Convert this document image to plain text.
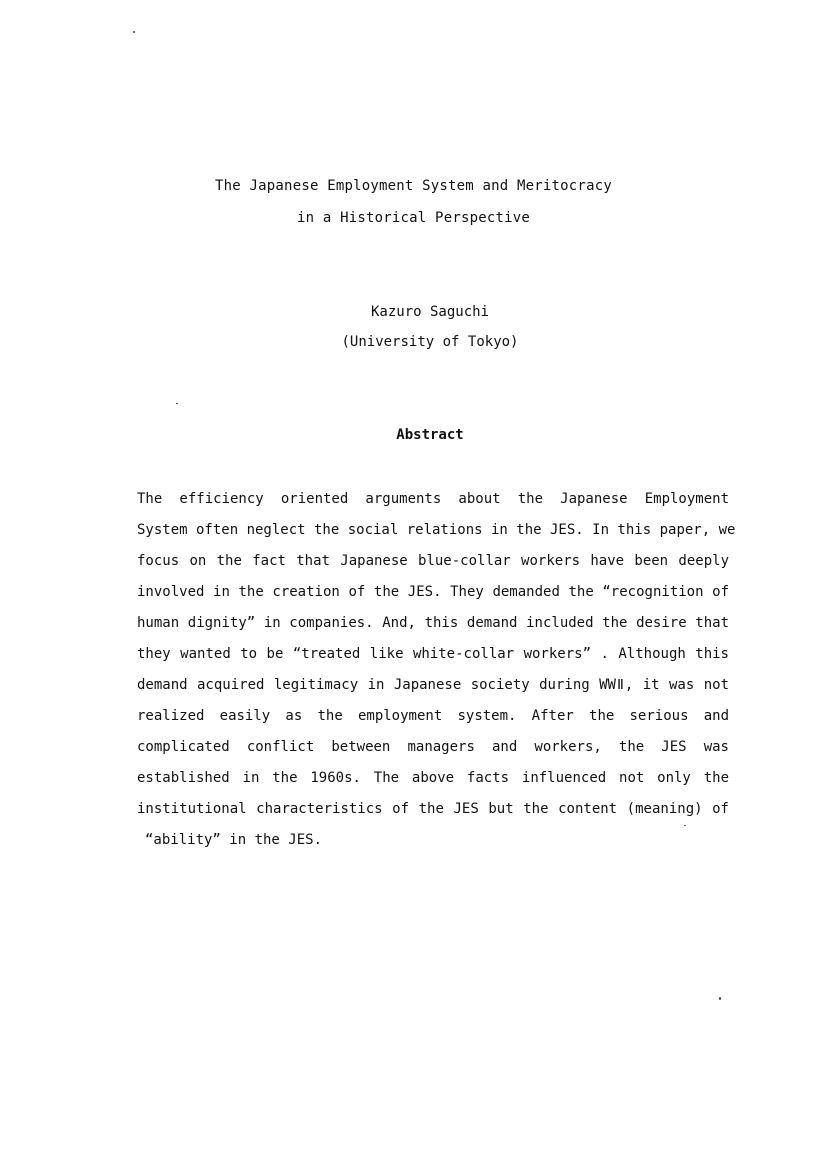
The Japanese Employment System and Meritocracy
in a Historical Perspective
Kazuro Saguchi
(University of Tokyo)
Abstract
The efficiency oriented arguments about the Japanese Employment
System often neglect the social relations in the JES. In this paper, we
focus on the fact that Japanese blue-collar workers have been deeply
involved in the creation of the JES. They demanded the “recognition of
human dignity” in companies. And, this demand included the desire that
they wanted to be “treated like white-collar workers” . Although this
demand acquired legitimacy in Japanese society during WWⅡ, it was not
realized easily as the employment system. After the serious and
complicated conflict between managers and workers, the JES was
established in the 1960s. The above facts influenced not only the
institutional characteristics of the JES but the content (meaning) of
“ability” in the JES.
